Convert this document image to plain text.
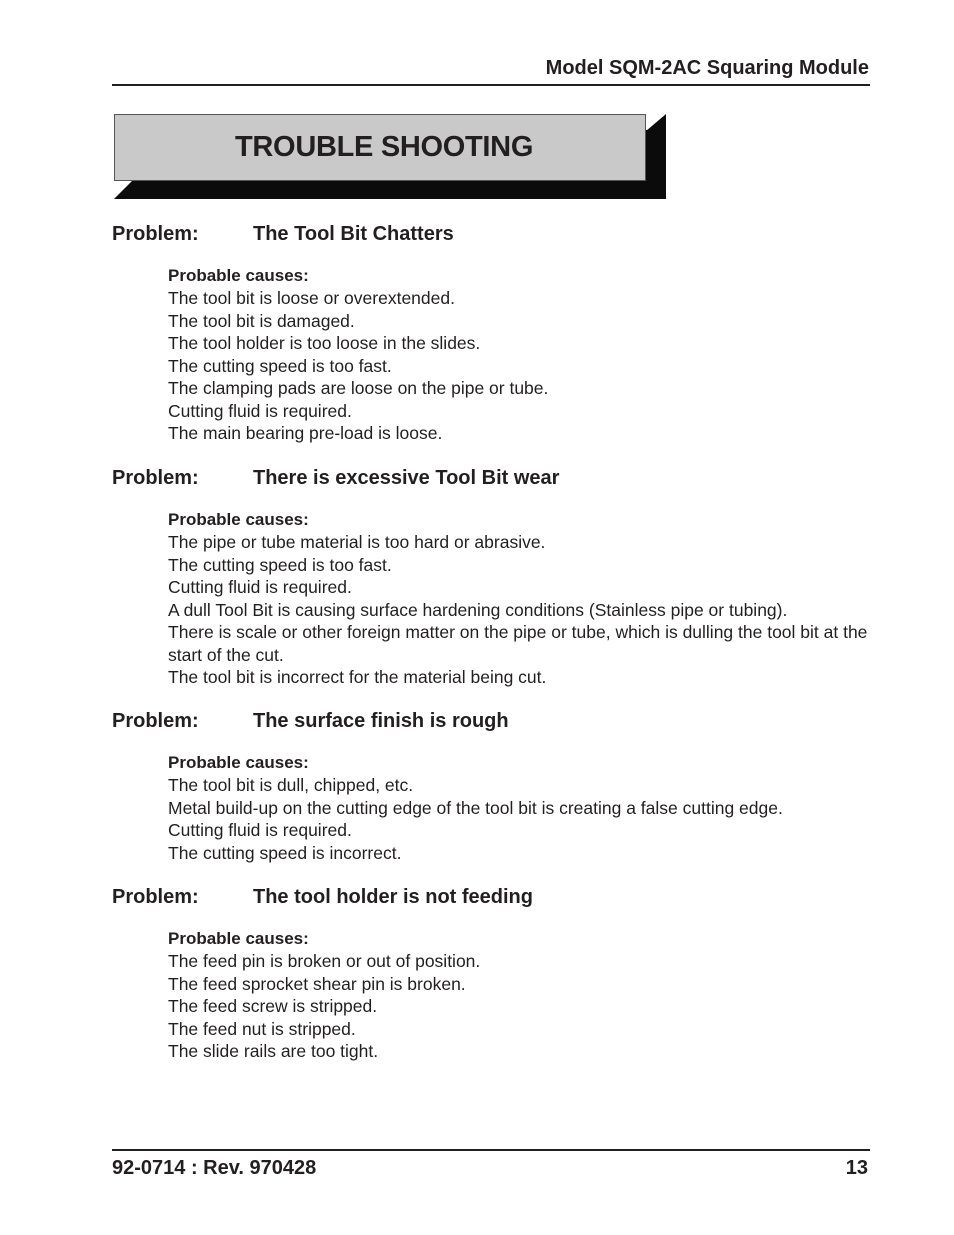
Model SQM-2AC Squaring Module
TROUBLE SHOOTING
Problem:	The Tool Bit Chatters
Probable causes:

The tool bit is loose or overextended.

The tool bit is damaged.

The tool holder is too loose in the slides.

The cutting speed is too fast.

The clamping pads are loose on the pipe or tube.

Cutting fluid is required.

The main bearing pre-load is loose.

Problem:	There is excessive Tool Bit wear
Probable causes:

The pipe or tube material is too hard or abrasive.

The cutting speed is too fast.

Cutting fluid is required.

A dull Tool Bit is causing surface hardening conditions (Stainless pipe or tubing).

There is scale or other foreign matter on the pipe or tube, which is dulling the tool bit at the start of the cut.

The tool bit is incorrect for the material being cut.

Problem:	The surface finish is rough
Probable causes:

The tool bit is dull, chipped, etc.

Metal build-up on the cutting edge of the tool bit is creating a false cutting edge.

Cutting fluid is required.

The cutting speed is incorrect.

Problem:	The tool holder is not feeding
Probable causes:

The feed pin is broken or out of position.

The feed sprocket shear pin is broken.

The feed screw is stripped.

The feed nut is stripped.

The slide rails are too tight.

92-0714 : Rev. 970428	13
